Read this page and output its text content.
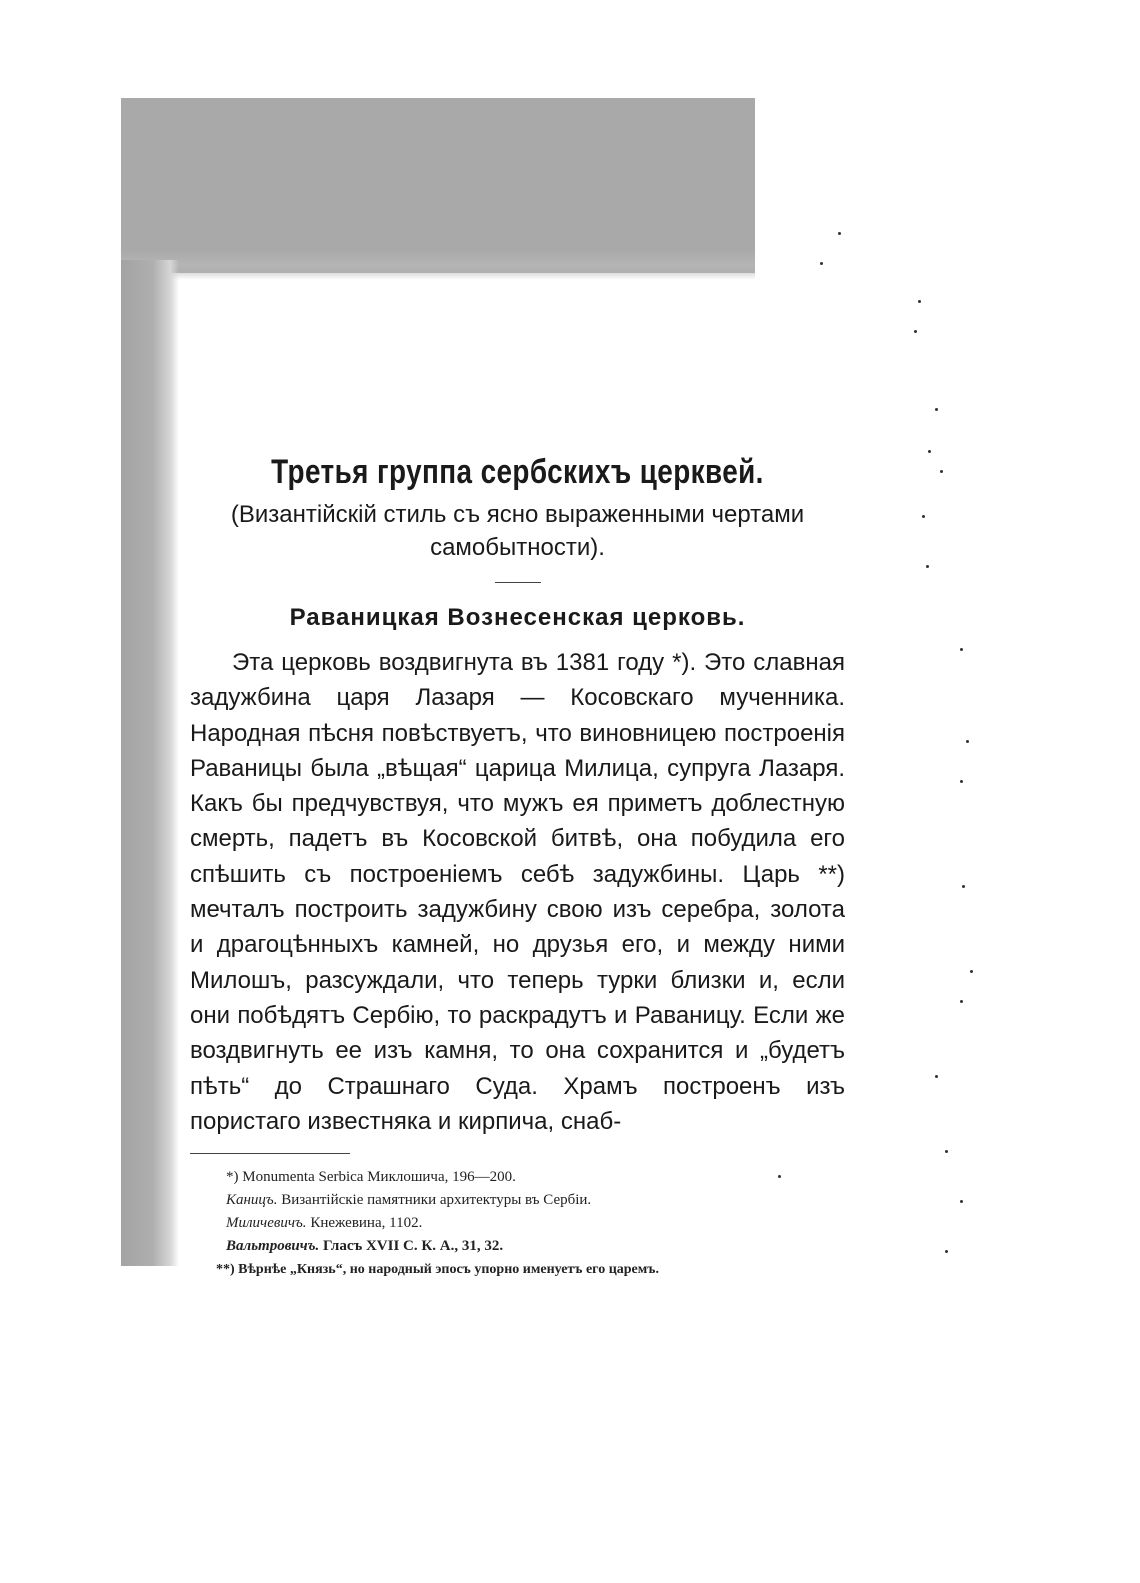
Третья группа сербскихъ церквей.
(Византійскій стиль съ ясно выраженными чертами
самобытности).
Раваницкая Вознесенская церковь.
Эта церковь воздвигнута въ 1381 году *). Это славная задужбина царя Лазаря — Косовскаго мученника. Народная пѣсня повѣствуетъ, что виновницею построенія Раваницы была „вѣщая“ царица Милица, супруга Лазаря. Какъ бы предчувствуя, что мужъ ея приметъ доблестную смерть, падетъ въ Косовской битвѣ, она побудила его спѣшить съ построеніемъ себѣ задужбины. Царь **) мечталъ построить задужбину свою изъ серебра, золота и драгоцѣнныхъ камней, но друзья его, и между ними Милошъ, разсуждали, что теперь турки близки и, если они побѣдятъ Сербію, то раскрадутъ и Раваницу. Если же воздвигнуть ее изъ камня, то она сохранится и „будетъ пѣть“ до Страшнаго Суда. Храмъ построенъ изъ пористаго известняка и кирпича, снаб-
*) Monumenta Serbica Миклошича, 196—200.
Каницъ. Византійскіе памятники архитектуры въ Сербіи.
Миличевичъ. Кнежевина, 1102.
Вальтровичъ. Гласъ XVII С. К. А., 31, 32.
**) Вѣрнѣе „Князь“, но народный эпосъ упорно именуетъ его царемъ.
